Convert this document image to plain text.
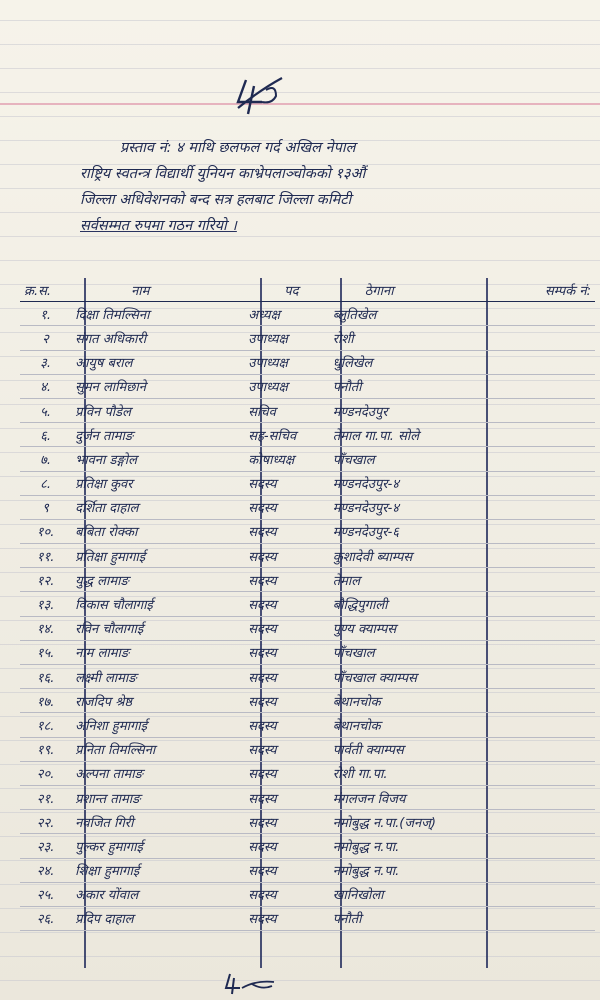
प्रस्ताव नं: ४ माथि छलफल गर्द अखिल नेपाल

राष्ट्रिय स्वतन्त्र विद्यार्थी युनियन काभ्रेपलाञ्चोकको १३औं

जिल्ला अधिवेशनको बन्द सत्र हलबाट जिल्ला कमिटी

सर्वसम्मत रुपमा गठन गरियो ।

क्र.स.	नाम	पद	ठेगाना	सम्पर्क नं:
१.	दिक्षा तिमल्सिना	अध्यक्ष	ब्लुतिखेल	
२	संगत अधिकारी	उपाध्यक्ष	रोशी	
३.	आयुष बराल	उपाध्यक्ष	धुलिखेल	
४.	सुमन लामिछाने	उपाध्यक्ष	पनौती	
५.	प्रविन पौडेल	सचिव	मण्डनदेउपुर	
६.	दुर्जन तामाङ	सह-सचिव	तेमाल गा.पा. सोले	
७.	भावना डङ्गोल	कोषाध्यक्ष	पाँचखाल	
८.	प्रतिक्षा कुवर	सदस्य	मण्डनदेउपुर-४	
९	दर्शिता दाहाल	सदस्य	मण्डनदेउपुर-४	
१०.	बबिता रोक्का	सदस्य	मण्डनदेउपुर-६	
११.	प्रतिक्षा हुमागाई	सदस्य	कुशादेवी ब्याम्पस	
१२.	युद्ध लामाङ	सदस्य	तेमाल	
१३.	विकास चौलागाई	सदस्य	बौद्धिपुगाली	
१४.	रविन चौलागाई	सदस्य	पुण्य क्याम्पस	
१५.	नाम लामाङ	सदस्य	पाँचखाल	
१६.	लक्ष्मी लामाङ	सदस्य	पाँचखाल क्याम्पस	
१७.	राजदिप श्रेष्ठ	सदस्य	बेथानचोक	
१८.	अनिशा हुमागाई	सदस्य	बेथानचोक	
१९.	प्रनिता तिमल्सिना	सदस्य	पार्वती क्याम्पस	
२०.	अल्पना तामाङ	सदस्य	रोशी गा.पा.	
२१.	प्रशान्त तामाङ	सदस्य	मंगलजन विजय	
२२.	नवजित गिरी	सदस्य	नमोबुद्ध न.पा.(जनज्)	
२३.	पुल्कर हुमागाई	सदस्य	नमोबुद्ध न.पा.	
२४.	शिक्षा हुमागाई	सदस्य	नमोबुद्ध न.पा.	
२५.	अकार योंवाल	सदस्य	खानिखोला	
२६.	प्रदिप दाहाल	सदस्य	पनौती	
